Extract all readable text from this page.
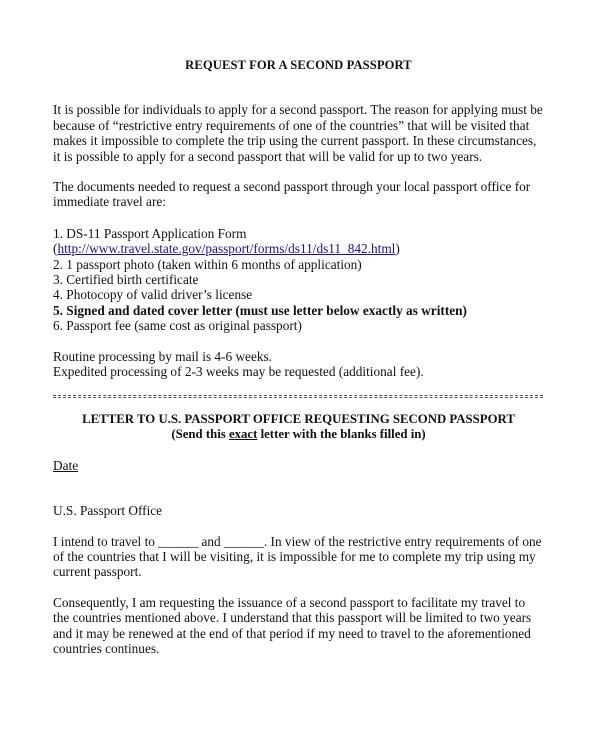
REQUEST FOR A SECOND PASSPORT

It is possible for individuals to apply for a second passport. The reason for applying must be because of “restrictive entry requirements of one of the countries” that will be visited that makes it impossible to complete the trip using the current passport. In these circumstances, it is possible to apply for a second passport that will be valid for up to two years.

The documents needed to request a second passport through your local passport office for immediate travel are:

1. DS-11 Passport Application Form
(http://www.travel.state.gov/passport/forms/ds11/ds11_842.html)
2. 1 passport photo (taken within 6 months of application)
3. Certified birth certificate
4. Photocopy of valid driver’s license
5. Signed and dated cover letter (must use letter below exactly as written)
6. Passport fee (same cost as original passport)

Routine processing by mail is 4-6 weeks.

Expedited processing of 2-3 weeks may be requested (additional fee).

LETTER TO U.S. PASSPORT OFFICE REQUESTING SECOND PASSPORT
(Send this exact letter with the blanks filled in)

Date

U.S. Passport Office

I intend to travel to ______ and ______. In view of the restrictive entry requirements of one of the countries that I will be visiting, it is impossible for me to complete my trip using my current passport.

Consequently, I am requesting the issuance of a second passport to facilitate my travel to the countries mentioned above. I understand that this passport will be limited to two years and it may be renewed at the end of that period if my need to travel to the aforementioned countries continues.
